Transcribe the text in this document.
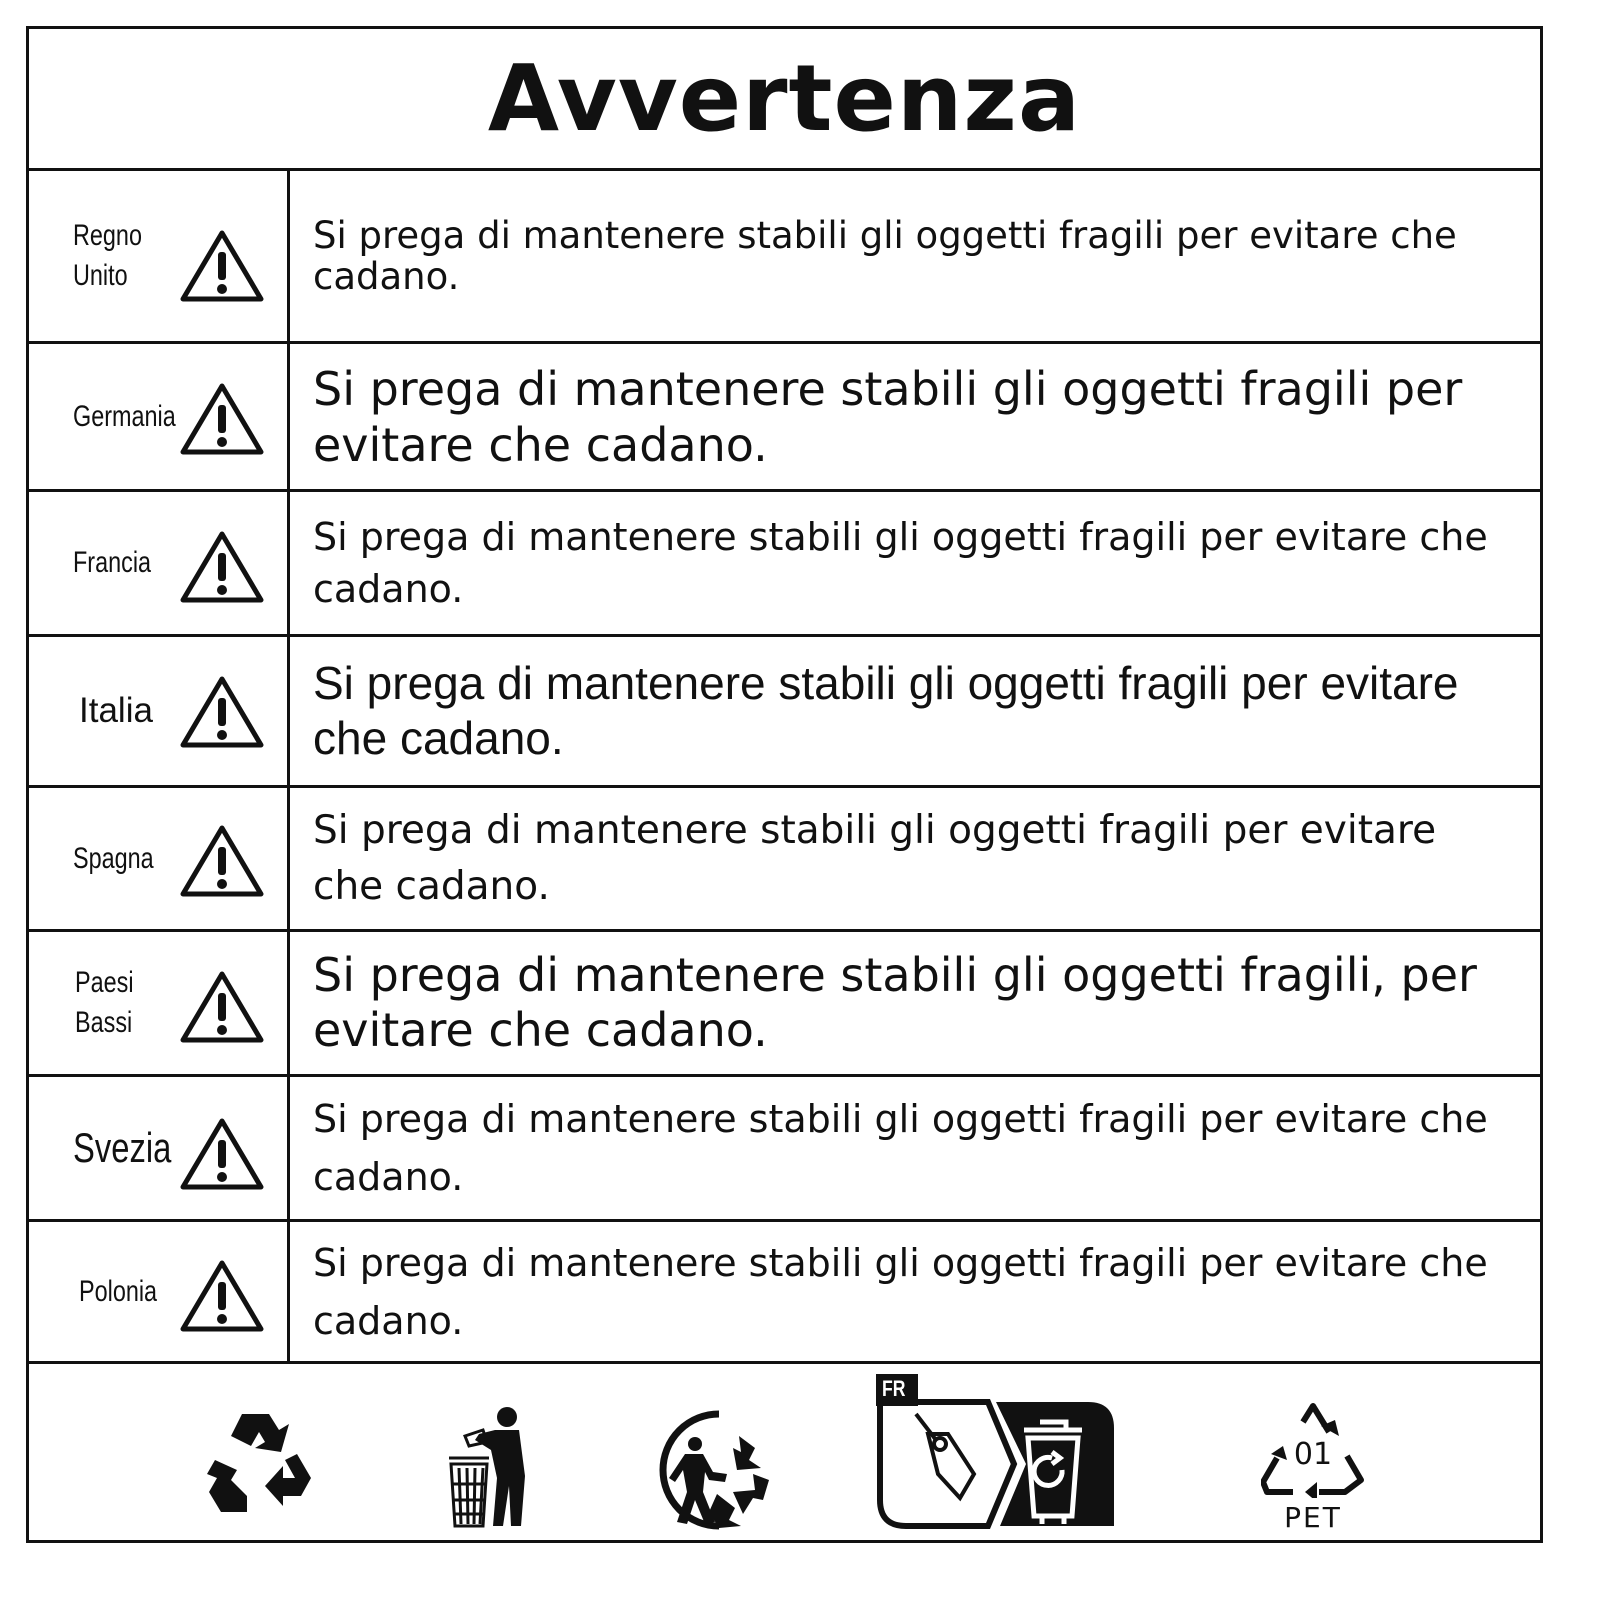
Avvertenza
Regno Unito
Si prega di mantenere stabili gli oggetti fragili per evitare che cadano.
Germania
Si prega di mantenere stabili gli oggetti fragili per evitare che cadano.
Francia
Si prega di mantenere stabili gli oggetti fragili per evitare che cadano.
Italia
Si prega di mantenere stabili gli oggetti fragili per evitare che cadano.
Spagna
Si prega di mantenere stabili gli oggetti fragili per evitare che cadano.
Paesi Bassi
Si prega di mantenere stabili gli oggetti fragili, per evitare che cadano.
Svezia
Si prega di mantenere stabili gli oggetti fragili per evitare che cadano.
Polonia
Si prega di mantenere stabili gli oggetti fragili per evitare che cadano.
FR
01
PET
